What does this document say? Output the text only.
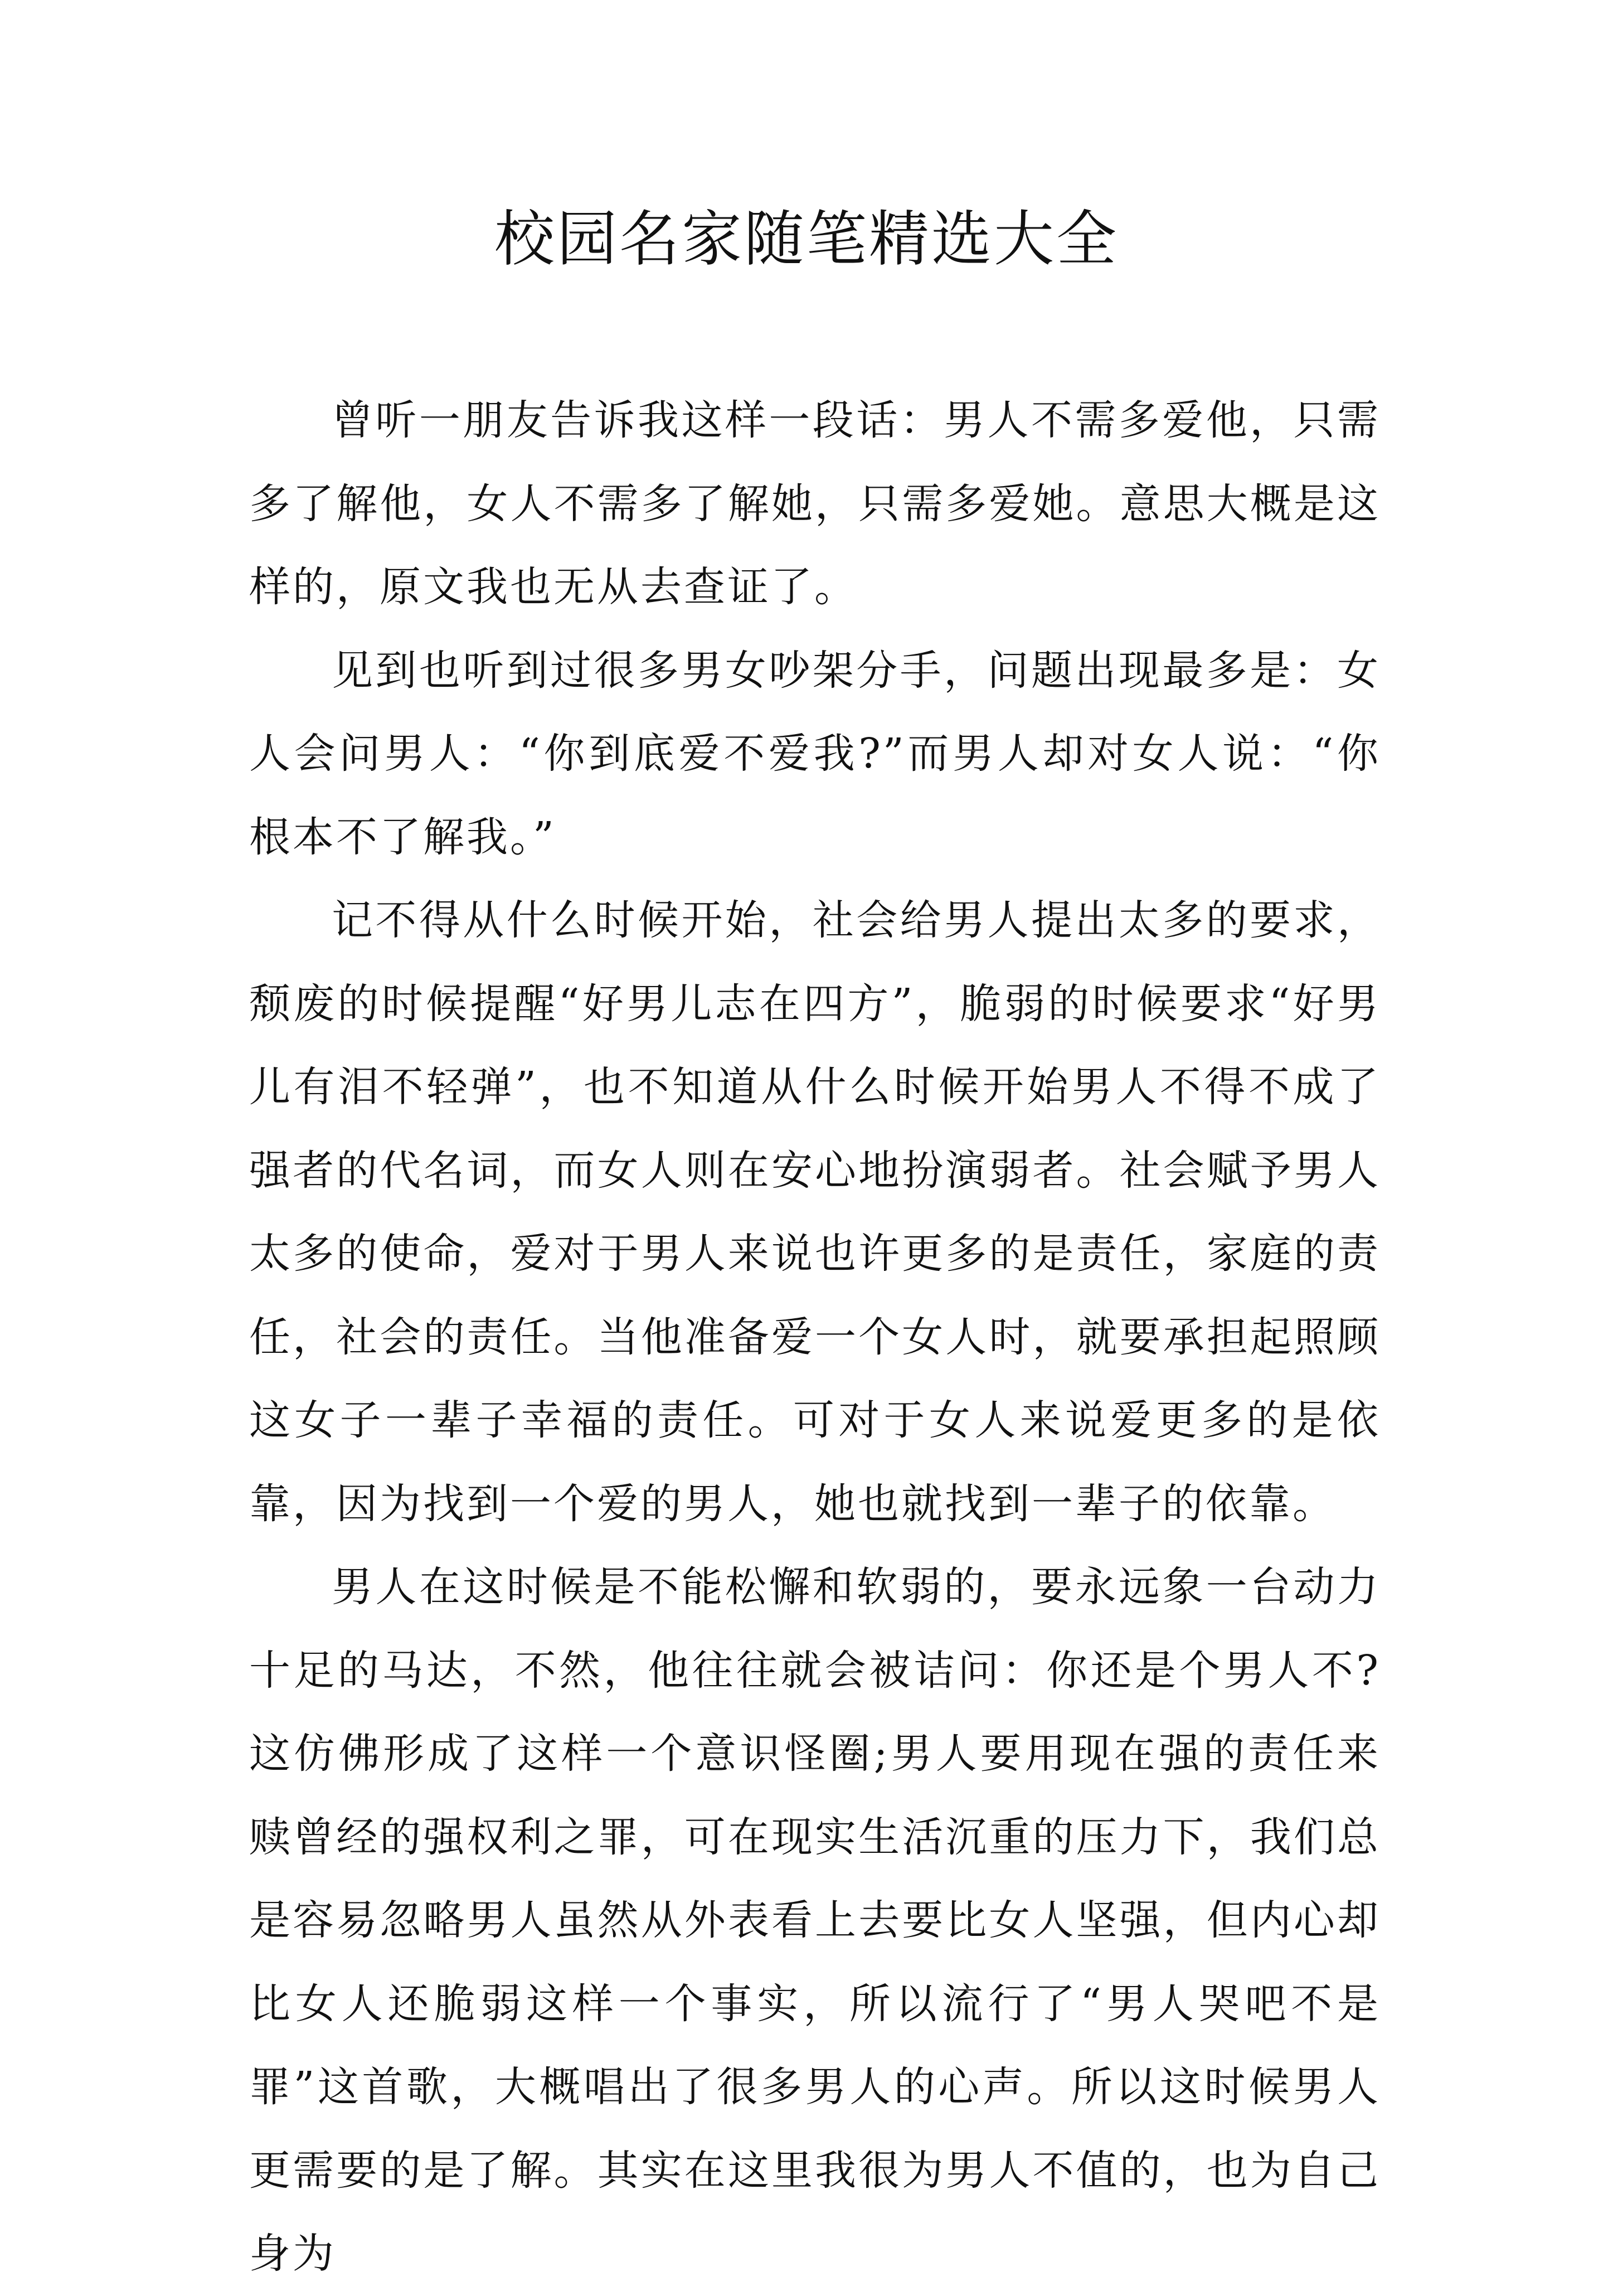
校园名家随笔精选大全

曾听一朋友告诉我这样一段话：男人不需多爱他，只需多了解他，女人不需多了解她，只需多爱她。意思大概是这样的，原文我也无从去查证了。

见到也听到过很多男女吵架分手，问题出现最多是：女人会问男人：“你到底爱不爱我?”而男人却对女人说：“你根本不了解我。”

记不得从什么时候开始，社会给男人提出太多的要求，颓废的时候提醒“好男儿志在四方”，脆弱的时候要求“好男儿有泪不轻弹”，也不知道从什么时候开始男人不得不成了强者的代名词，而女人则在安心地扮演弱者。社会赋予男人太多的使命，爱对于男人来说也许更多的是责任，家庭的责任，社会的责任。当他准备爱一个女人时，就要承担起照顾这女子一辈子幸福的责任。可对于女人来说爱更多的是依靠，因为找到一个爱的男人，她也就找到一辈子的依靠。

男人在这时候是不能松懈和软弱的，要永远象一台动力十足的马达，不然，他往往就会被诘问：你还是个男人不?这仿佛形成了这样一个意识怪圈;男人要用现在强的责任来赎曾经的强权利之罪，可在现实生活沉重的压力下，我们总是容易忽略男人虽然从外表看上去要比女人坚强，但内心却比女人还脆弱这样一个事实，所以流行了“男人哭吧不是罪”这首歌，大概唱出了很多男人的心声。所以这时候男人更需要的是了解。其实在这里我很为男人不值的，也为自己身为
